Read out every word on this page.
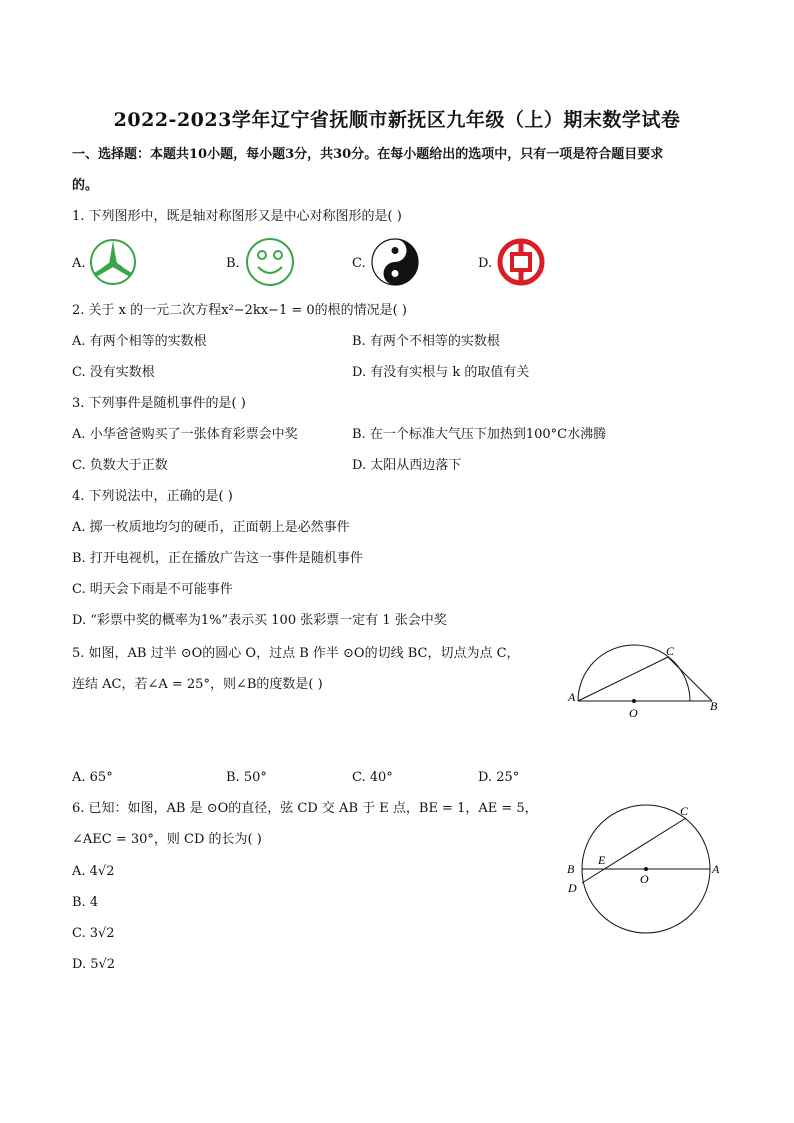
2022-2023学年辽宁省抚顺市新抚区九年级（上）期末数学试卷
一、选择题：本题共10小题，每小题3分，共30分。在每小题给出的选项中，只有一项是符合题目要求
的。
1. 下列图形中，既是轴对称图形又是中心对称图形的是( )
A.	B.	C.	D.
2. 关于 x 的一元二次方程x²−2kx−1 = 0的根的情况是( )
A. 有两个相等的实数根	B. 有两个不相等的实数根
C. 没有实数根	D. 有没有实根与 k 的取值有关
3. 下列事件是随机事件的是( )
A. 小华爸爸购买了一张体育彩票会中奖	B. 在一个标准大气压下加热到100°C水沸腾
C. 负数大于正数	D. 太阳从西边落下
4. 下列说法中，正确的是( )
A. 掷一枚质地均匀的硬币，正面朝上是必然事件
B. 打开电视机，正在播放广告这一事件是随机事件
C. 明天会下雨是不可能事件
D. “彩票中奖的概率为1%”表示买 100 张彩票一定有 1 张会中奖
5. 如图，AB 过半 ⊙O的圆心 O，过点 B 作半 ⊙O的切线 BC，切点为点 C，
连结 AC，若∠A = 25°，则∠B的度数是( )
A
C
O	B
A. 65°	B. 50°	C. 40°	D. 25°
6. 已知：如图，AB 是 ⊙O的直径，弦 CD 交 AB 于 E 点，BE = 1，AE = 5，
∠AEC = 30°，则 CD 的长为( )
B
D
E
O
A
C
A. 4√2
B. 4
C. 3√2
D. 5√2
